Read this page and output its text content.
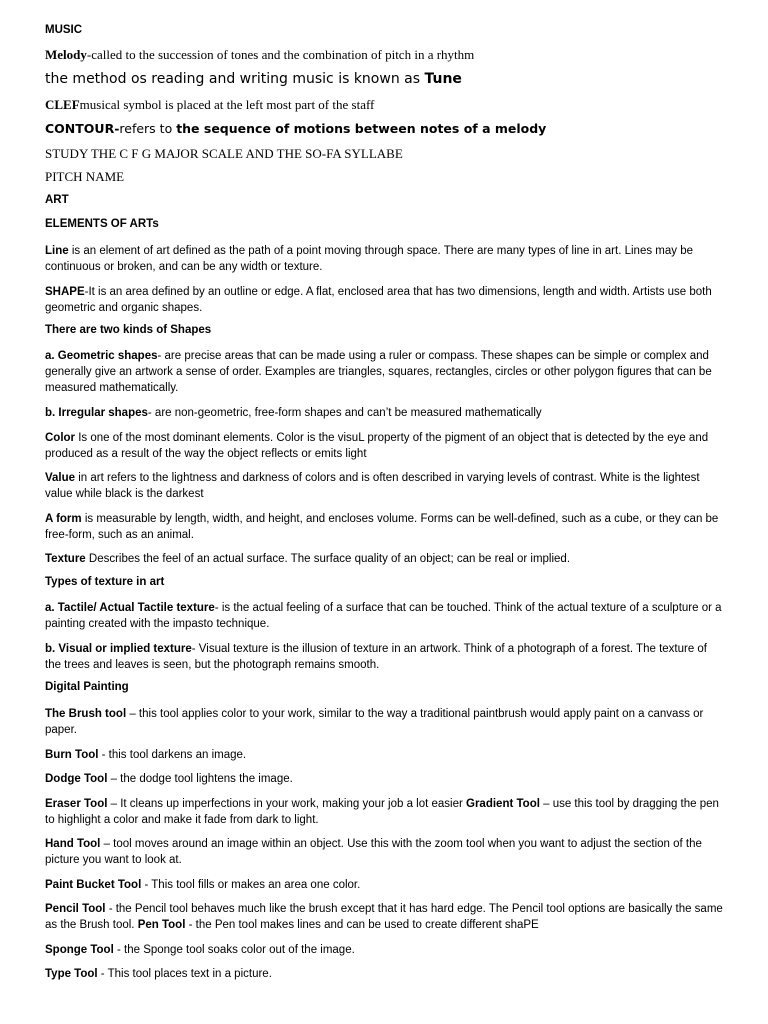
MUSIC
Melody-called to the succession of tones and the combination of pitch in a rhythm
the method os reading and writing music is known as Tune
CLEFmusical symbol is placed at the left most part of the staff
CONTOUR-refers to the sequence of motions between notes of a melody
STUDY THE C F G MAJOR SCALE AND THE SO-FA SYLLABE
PITCH NAME
ART
ELEMENTS OF ARTs
Line is an element of art defined as the path of a point moving through space. There are many types of line in art. Lines may be continuous or broken, and can be any width or texture.
SHAPE-It is an area defined by an outline or edge. A flat, enclosed area that has two dimensions, length and width. Artists use both geometric and organic shapes.
There are two kinds of Shapes
a. Geometric shapes- are precise areas that can be made using a ruler or compass. These shapes can be simple or complex and generally give an artwork a sense of order. Examples are triangles, squares, rectangles, circles or other polygon figures that can be measured mathematically.
b. Irregular shapes- are non-geometric, free-form shapes and can’t be measured mathematically
Color Is one of the most dominant elements. Color is the visuL property of the pigment of an object that is detected by the eye and produced as a result of the way the object reflects or emits light
Value in art refers to the lightness and darkness of colors and is often described in varying levels of contrast. White is the lightest value while black is the darkest
A form is measurable by length, width, and height, and encloses volume. Forms can be well-defined, such as a cube, or they can be free-form, such as an animal.
Texture Describes the feel of an actual surface. The surface quality of an object; can be real or implied.
Types of texture in art
a. Tactile/ Actual Tactile texture- is the actual feeling of a surface that can be touched. Think of the actual texture of a sculpture or a painting created with the impasto technique.
b. Visual or implied texture- Visual texture is the illusion of texture in an artwork. Think of a photograph of a forest. The texture of the trees and leaves is seen, but the photograph remains smooth.
Digital Painting
The Brush tool – this tool applies color to your work, similar to the way a traditional paintbrush would apply paint on a canvass or paper.
Burn Tool - this tool darkens an image.
Dodge Tool – the dodge tool lightens the image.
Eraser Tool – It cleans up imperfections in your work, making your job a lot easier Gradient Tool – use this tool by dragging the pen to highlight a color and make it fade from dark to light.
Hand Tool – tool moves around an image within an object. Use this with the zoom tool when you want to adjust the section of the picture you want to look at.
Paint Bucket Tool - This tool fills or makes an area one color.
Pencil Tool - the Pencil tool behaves much like the brush except that it has hard edge. The Pencil tool options are basically the same as the Brush tool. Pen Tool - the Pen tool makes lines and can be used to create different shaPE
Sponge Tool - the Sponge tool soaks color out of the image.
Type Tool - This tool places text in a picture.
